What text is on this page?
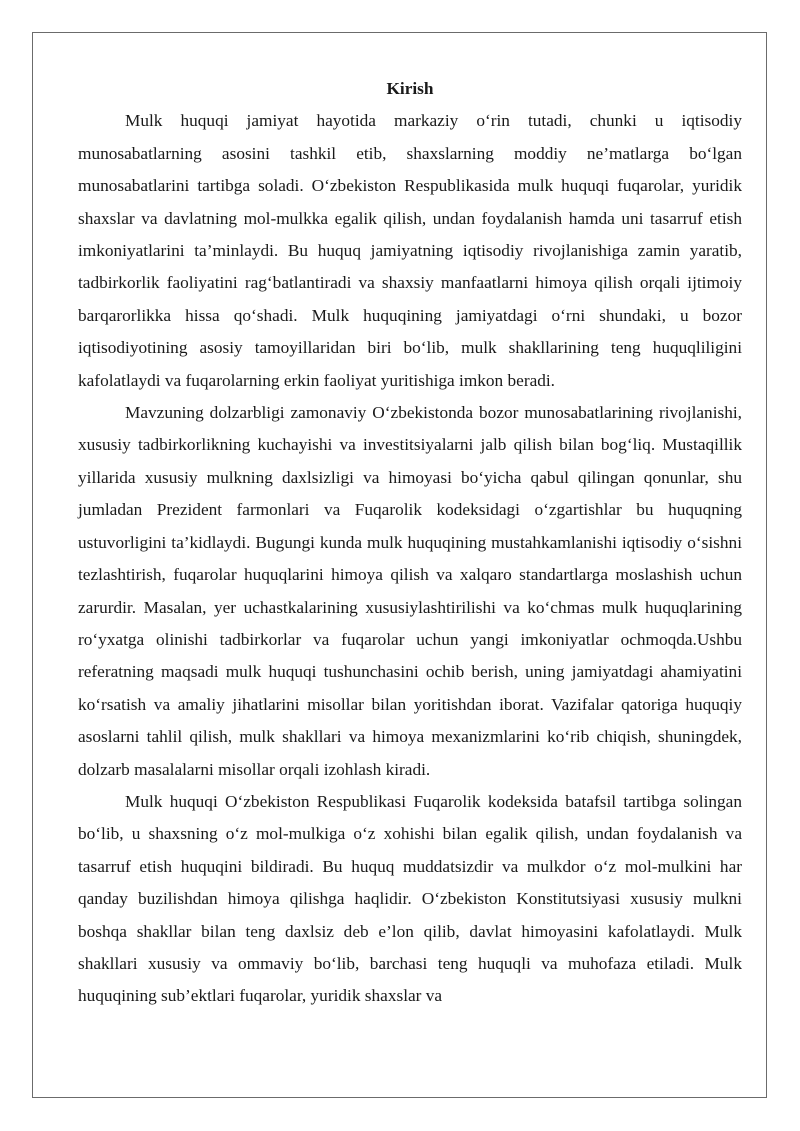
Kirish

Mulk huquqi jamiyat hayotida markaziy o‘rin tutadi, chunki u iqtisodiy munosabatlarning asosini tashkil etib, shaxslarning moddiy ne’matlarga bo‘lgan munosabatlarini tartibga soladi. O‘zbekiston Respublikasida mulk huquqi fuqarolar, yuridik shaxslar va davlatning mol-mulkka egalik qilish, undan foydalanish hamda uni tasarruf etish imkoniyatlarini ta’minlaydi. Bu huquq jamiyatning iqtisodiy rivojlanishiga zamin yaratib, tadbirkorlik faoliyatini rag‘batlantiradi va shaxsiy manfaatlarni himoya qilish orqali ijtimoiy barqarorlikka hissa qo‘shadi. Mulk huquqining jamiyatdagi o‘rni shundaki, u bozor iqtisodiyotining asosiy tamoyillaridan biri bo‘lib, mulk shakllarining teng huquqliligini kafolatlaydi va fuqarolarning erkin faoliyat yuritishiga imkon beradi.

Mavzuning dolzarbligi zamonaviy O‘zbekistonda bozor munosabatlarining rivojlanishi, xususiy tadbirkorlikning kuchayishi va investitsiyalarni jalb qilish bilan bog‘liq. Mustaqillik yillarida xususiy mulkning daxlsizligi va himoyasi bo‘yicha qabul qilingan qonunlar, shu jumladan Prezident farmonlari va Fuqarolik kodeksidagi o‘zgartishlar bu huquqning ustuvorligini ta’kidlaydi. Bugungi kunda mulk huquqining mustahkamlanishi iqtisodiy o‘sishni tezlashtirish, fuqarolar huquqlarini himoya qilish va xalqaro standartlarga moslashish uchun zarurdir. Masalan, yer uchastkalarining xususiylashtirilishi va ko‘chmas mulk huquqlarining ro‘yxatga olinishi tadbirkorlar va fuqarolar uchun yangi imkoniyatlar ochmoqda.Ushbu referatning maqsadi mulk huquqi tushunchasini ochib berish, uning jamiyatdagi ahamiyatini ko‘rsatish va amaliy jihatlarini misollar bilan yoritishdan iborat. Vazifalar qatoriga huquqiy asoslarni tahlil qilish, mulk shakllari va himoya mexanizmlarini ko‘rib chiqish, shuningdek, dolzarb masalalarni misollar orqali izohlash kiradi.

Mulk huquqi O‘zbekiston Respublikasi Fuqarolik kodeksida batafsil tartibga solingan bo‘lib, u shaxsning o‘z mol-mulkiga o‘z xohishi bilan egalik qilish, undan foydalanish va tasarruf etish huquqini bildiradi. Bu huquq muddatsizdir va mulkdor o‘z mol-mulkini har qanday buzilishdan himoya qilishga haqlidir. O‘zbekiston Konstitutsiyasi xususiy mulkni boshqa shakllar bilan teng daxlsiz deb e’lon qilib, davlat himoyasini kafolatlaydi. Mulk shakllari xususiy va ommaviy bo‘lib, barchasi teng huquqli va muhofaza etiladi. Mulk huquqining sub’ektlari fuqarolar, yuridik shaxslar va
